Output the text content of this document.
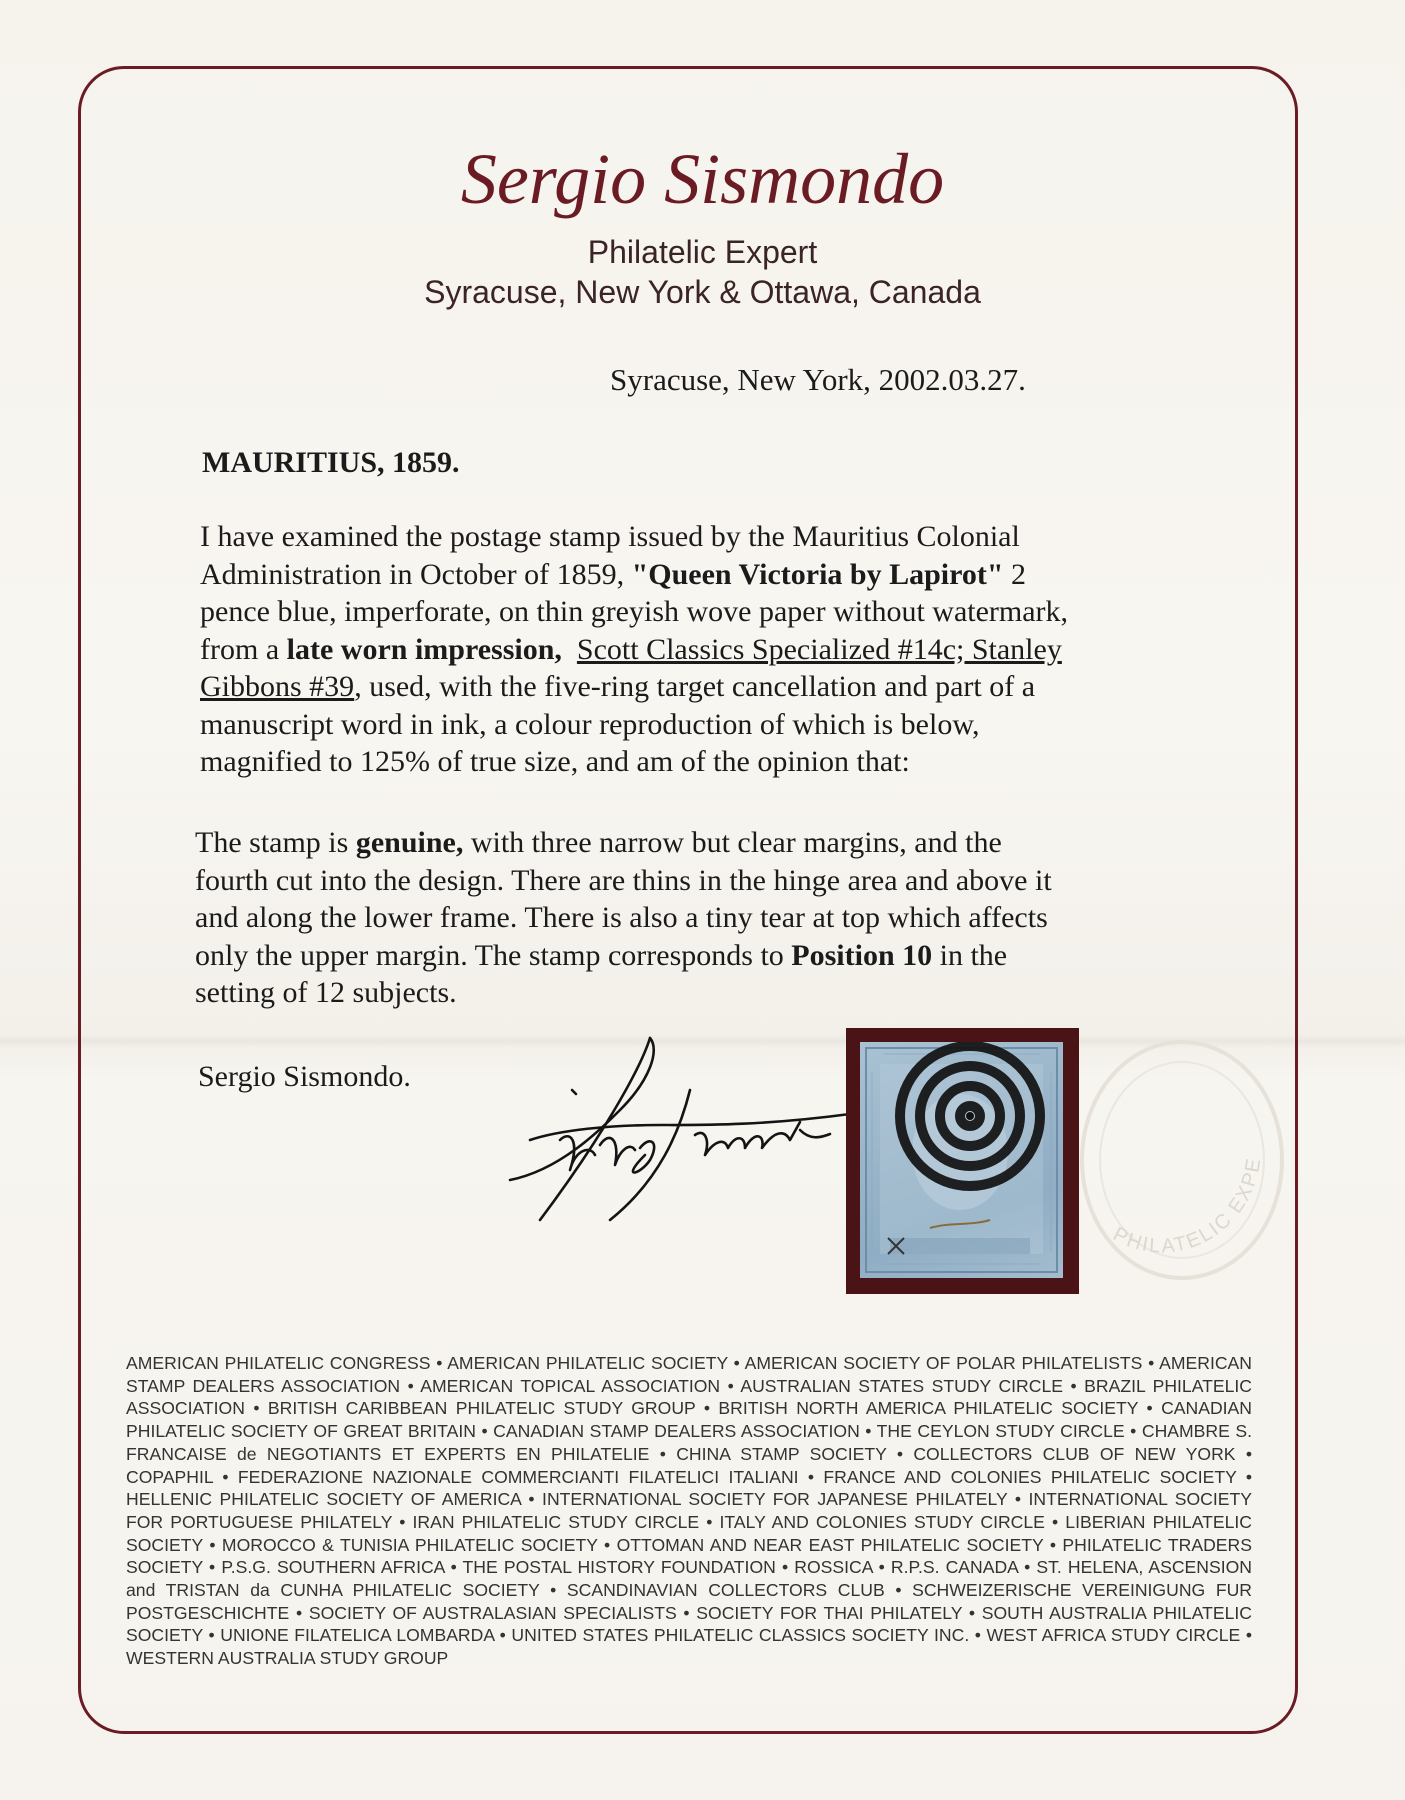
Sergio Sismondo
Philatelic Expert
Syracuse, New York & Ottawa, Canada
Syracuse, New York, 2002.03.27.
MAURITIUS, 1859.
I have examined the postage stamp issued by the Mauritius Colonial
Administration in October of 1859, "Queen Victoria by Lapirot" 2
pence blue, imperforate, on thin greyish wove paper without watermark,
from a late worn impression, Scott Classics Specialized #14c; Stanley
Gibbons #39, used, with the five-ring target cancellation and part of a
manuscript word in ink, a colour reproduction of which is below,
magnified to 125% of true size, and am of the opinion that:
The stamp is genuine, with three narrow but clear margins, and the
fourth cut into the design. There are thins in the hinge area and above it
and along the lower frame. There is also a tiny tear at top which affects
only the upper margin. The stamp corresponds to Position 10 in the
setting of 12 subjects.
Sergio Sismondo.
PHILATELIC EXPE
AMERICAN PHILATELIC CONGRESS • AMERICAN PHILATELIC SOCIETY • AMERICAN SOCIETY OF POLAR PHILATELISTS • AMERICAN STAMP DEALERS ASSOCIATION • AMERICAN TOPICAL ASSOCIATION • AUSTRALIAN STATES STUDY CIRCLE • BRAZIL PHILATELIC ASSOCIATION • BRITISH CARIBBEAN PHILATELIC STUDY GROUP • BRITISH NORTH AMERICA PHILATELIC SOCIETY • CANADIAN PHILATELIC SOCIETY OF GREAT BRITAIN • CANADIAN STAMP DEALERS ASSOCIATION • THE CEYLON STUDY CIRCLE • CHAMBRE S. FRANCAISE de NEGOTIANTS ET EXPERTS EN PHILATELIE • CHINA STAMP SOCIETY • COLLECTORS CLUB OF NEW YORK • COPAPHIL • FEDERAZIONE NAZIONALE COMMERCIANTI FILATELICI ITALIANI • FRANCE AND COLONIES PHILATELIC SOCIETY • HELLENIC PHILATELIC SOCIETY OF AMERICA • INTERNATIONAL SOCIETY FOR JAPANESE PHILATELY • INTERNATIONAL SOCIETY FOR PORTUGUESE PHILATELY • IRAN PHILATELIC STUDY CIRCLE • ITALY AND COLONIES STUDY CIRCLE • LIBERIAN PHILATELIC SOCIETY • MOROCCO & TUNISIA PHILATELIC SOCIETY • OTTOMAN AND NEAR EAST PHILATELIC SOCIETY • PHILATELIC TRADERS SOCIETY • P.S.G. SOUTHERN AFRICA • THE POSTAL HISTORY FOUNDATION • ROSSICA • R.P.S. CANADA • ST. HELENA, ASCENSION and TRISTAN da CUNHA PHILATELIC SOCIETY • SCANDINAVIAN COLLECTORS CLUB • SCHWEIZERISCHE VEREINIGUNG FUR POSTGESCHICHTE • SOCIETY OF AUSTRALASIAN SPECIALISTS • SOCIETY FOR THAI PHILATELY • SOUTH AUSTRALIA PHILATELIC SOCIETY • UNIONE FILATELICA LOMBARDA • UNITED STATES PHILATELIC CLASSICS SOCIETY INC. • WEST AFRICA STUDY CIRCLE • WESTERN AUSTRALIA STUDY GROUP
